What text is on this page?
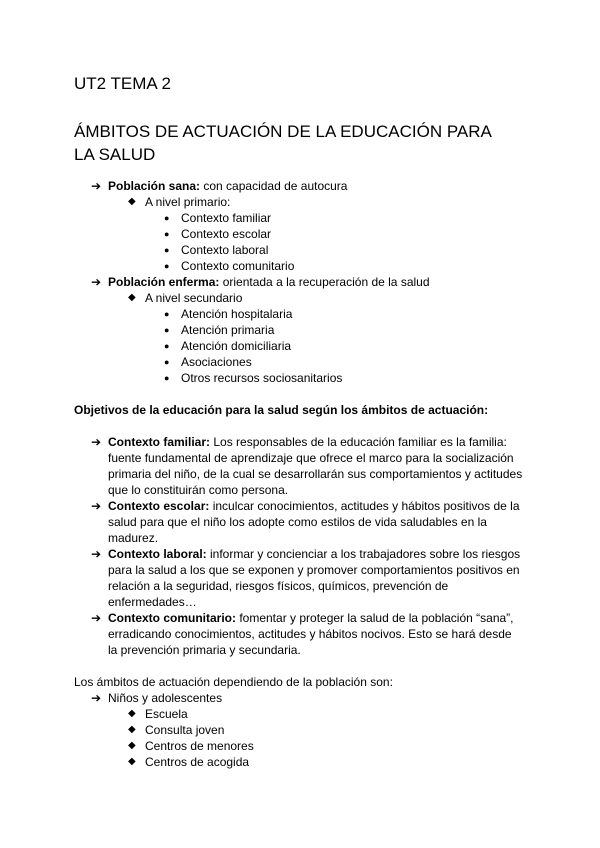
UT2 TEMA 2
ÁMBITOS DE ACTUACIÓN DE LA EDUCACIÓN PARA
LA SALUD
➔ Población sana: con capacidad de autocura
◆ A nivel primario:
● Contexto familiar
● Contexto escolar
● Contexto laboral
● Contexto comunitario
➔ Población enferma: orientada a la recuperación de la salud
◆ A nivel secundario
● Atención hospitalaria
● Atención primaria
● Atención domiciliaria
● Asociaciones
● Otros recursos sociosanitarios
Objetivos de la educación para la salud según los ámbitos de actuación:
➔ Contexto familiar: Los responsables de la educación familiar es la familia:
fuente fundamental de aprendizaje que ofrece el marco para la socialización
primaria del niño, de la cual se desarrollarán sus comportamientos y actitudes
que lo constituirán como persona.
➔ Contexto escolar: inculcar conocimientos, actitudes y hábitos positivos de la
salud para que el niño los adopte como estilos de vida saludables en la
madurez.
➔ Contexto laboral: informar y concienciar a los trabajadores sobre los riesgos
para la salud a los que se exponen y promover comportamientos positivos en
relación a la seguridad, riesgos físicos, químicos, prevención de
enfermedades…
➔ Contexto comunitario: fomentar y proteger la salud de la población “sana”,
erradicando conocimientos, actitudes y hábitos nocivos. Esto se hará desde
la prevención primaria y secundaria.
Los ámbitos de actuación dependiendo de la población son:
➔ Niños y adolescentes
◆ Escuela
◆ Consulta joven
◆ Centros de menores
◆ Centros de acogida
